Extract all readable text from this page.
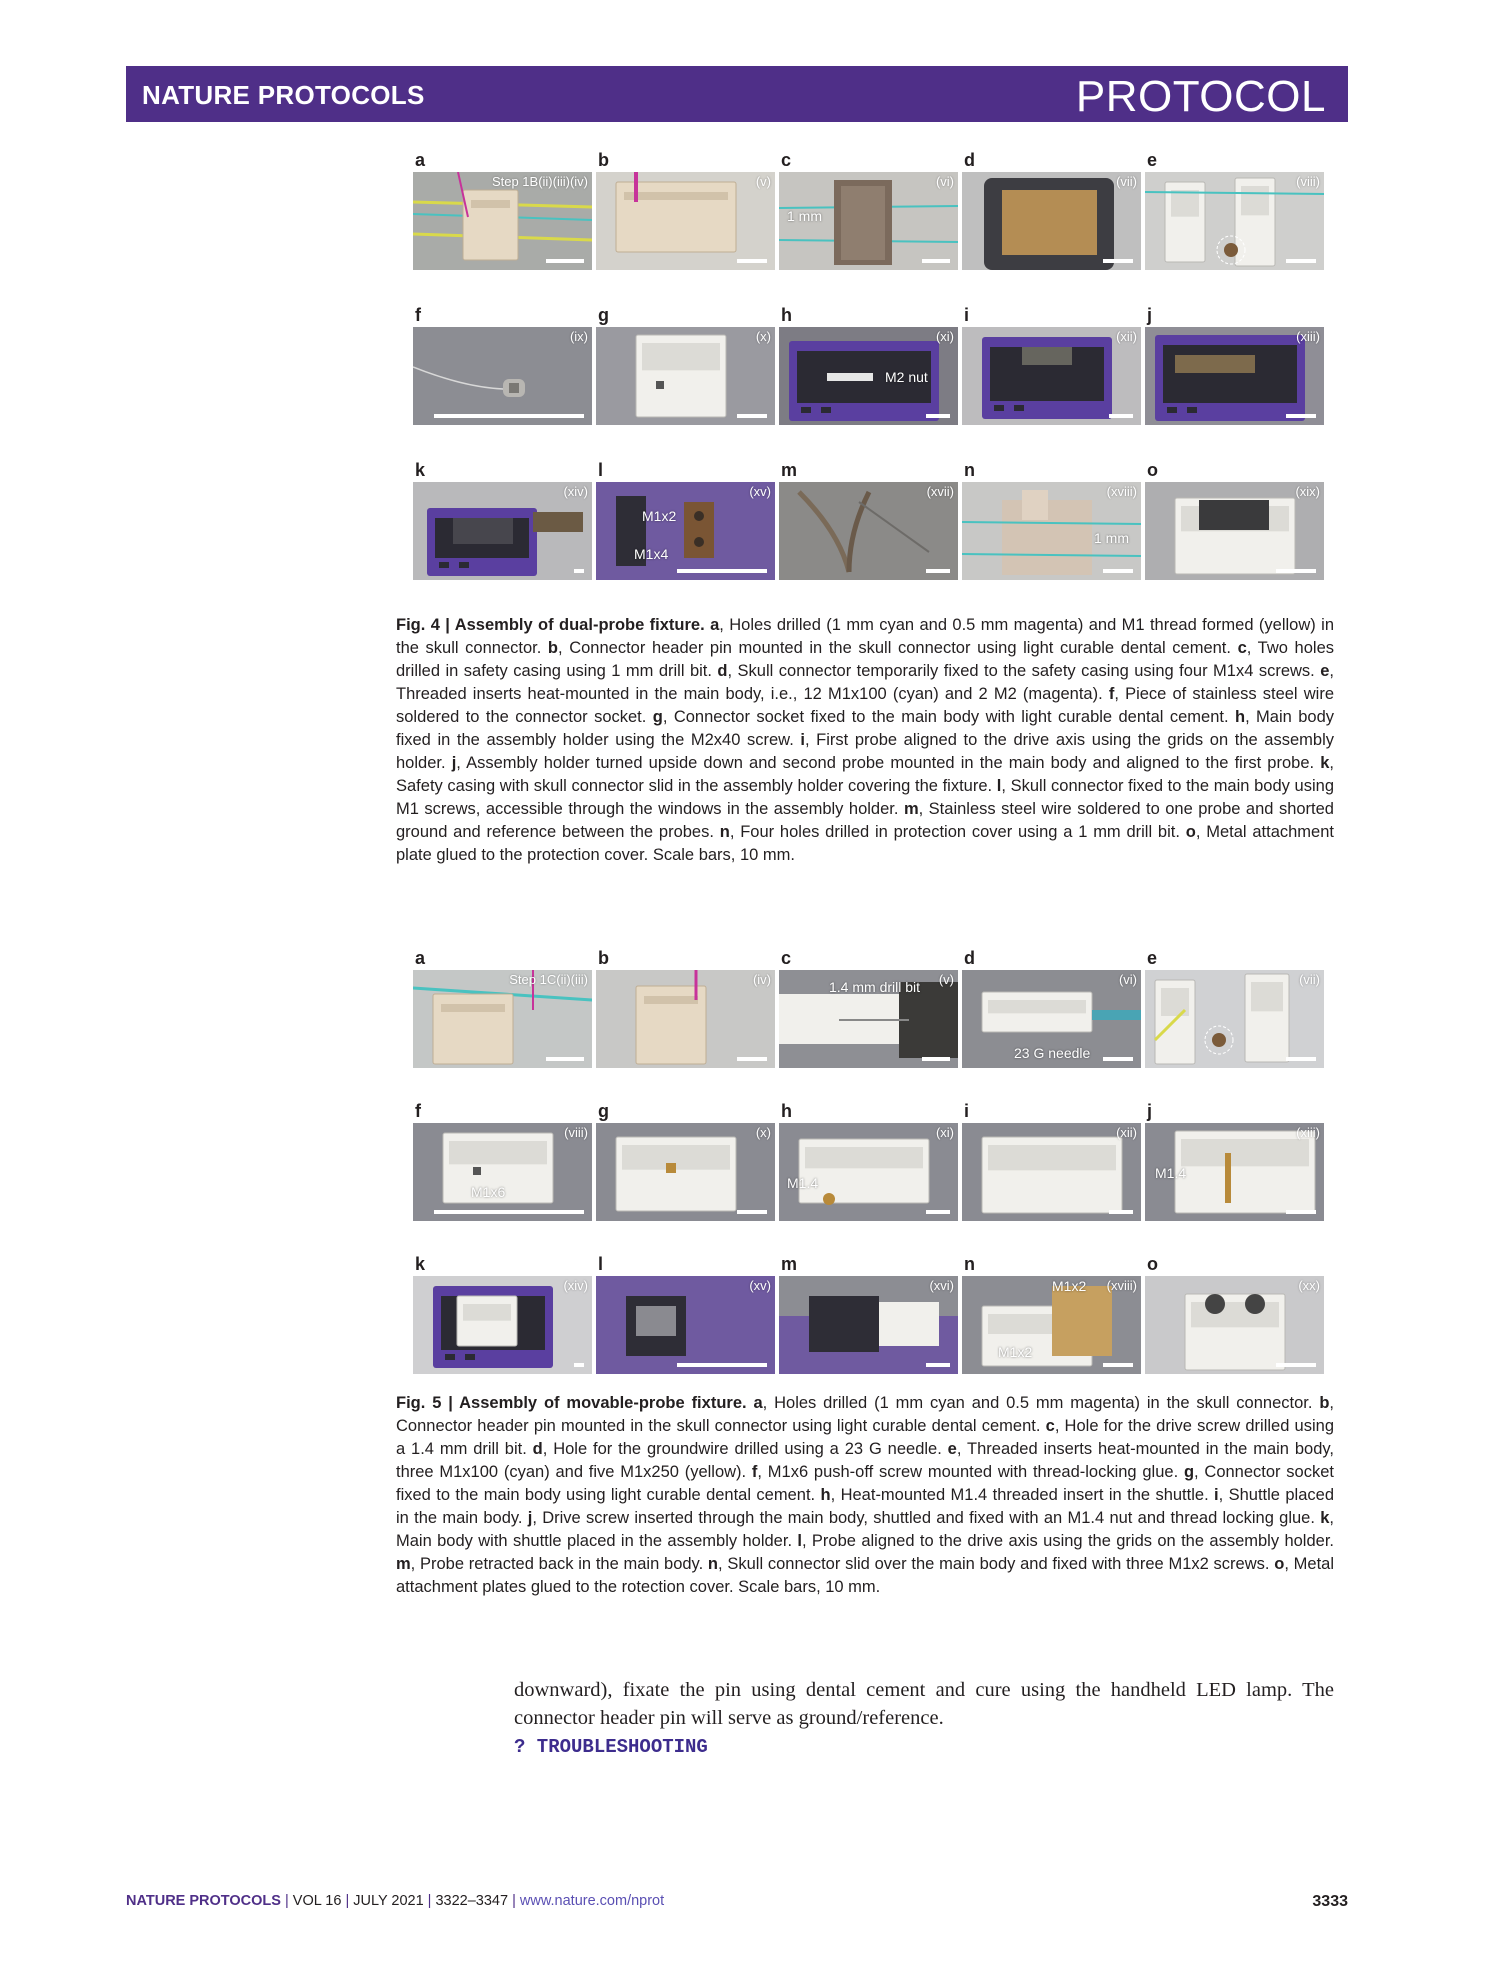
NATURE PROTOCOLS	PROTOCOL
a
Step 1B(ii)(iii)(iv)
b
(v)
c
(vi)
1 mm
d
(vii)
e
(viii)
f
(ix)
g
(x)
h
(xi)
M2 nut
i
(xii)
j
(xiii)
k
(xiv)
l
(xv)
M1x2
M1x4
m
(xvii)
n
(xviii)
1 mm
o
(xix)
Fig. 4 | Assembly of dual-probe fixture. a, Holes drilled (1 mm cyan and 0.5 mm magenta) and M1 thread formed (yellow) in the skull connector. b, Connector header pin mounted in the skull connector using light curable dental cement. c, Two holes drilled in safety casing using 1 mm drill bit. d, Skull connector temporarily fixed to the safety casing using four M1x4 screws. e, Threaded inserts heat-mounted in the main body, i.e., 12 M1x100 (cyan) and 2 M2 (magenta). f, Piece of stainless steel wire soldered to the connector socket. g, Connector socket fixed to the main body with light curable dental cement. h, Main body fixed in the assembly holder using the M2x40 screw. i, First probe aligned to the drive axis using the grids on the assembly holder. j, Assembly holder turned upside down and second probe mounted in the main body and aligned to the first probe. k, Safety casing with skull connector slid in the assembly holder covering the fixture. l, Skull connector fixed to the main body using M1 screws, accessible through the windows in the assembly holder. m, Stainless steel wire soldered to one probe and shorted ground and reference between the probes. n, Four holes drilled in protection cover using a 1 mm drill bit. o, Metal attachment plate glued to the protection cover. Scale bars, 10 mm.
a
Step 1C(ii)(iii)
b
(iv)
c
(v)
1.4 mm drill bit
d
(vi)
23 G needle
e
(vii)
f
(viii)
M1x6
g
(x)
h
(xi)
M1.4
i
(xii)
j
(xiii)
M1.4
k
(xiv)
l
(xv)
m
(xvi)
n
(xviii)
M1x2
M1x2
o
(xx)
Fig. 5 | Assembly of movable-probe fixture. a, Holes drilled (1 mm cyan and 0.5 mm magenta) in the skull connector. b, Connector header pin mounted in the skull connector using light curable dental cement. c, Hole for the drive screw drilled using a 1.4 mm drill bit. d, Hole for the groundwire drilled using a 23 G needle. e, Threaded inserts heat-mounted in the main body, three M1x100 (cyan) and five M1x250 (yellow). f, M1x6 push-off screw mounted with thread-locking glue. g, Connector socket fixed to the main body using light curable dental cement. h, Heat-mounted M1.4 threaded insert in the shuttle. i, Shuttle placed in the main body. j, Drive screw inserted through the main body, shuttled and fixed with an M1.4 nut and thread locking glue. k, Main body with shuttle placed in the assembly holder. l, Probe aligned to the drive axis using the grids on the assembly holder. m, Probe retracted back in the main body. n, Skull connector slid over the main body and fixed with three M1x2 screws. o, Metal attachment plates glued to the rotection cover. Scale bars, 10 mm.
downward), fixate the pin using dental cement and cure using the handheld LED lamp. The connector header pin will serve as ground/reference.
? TROUBLESHOOTING
NATURE PROTOCOLS | VOL 16 | JULY 2021 | 3322–3347 | www.nature.com/nprot	3333
